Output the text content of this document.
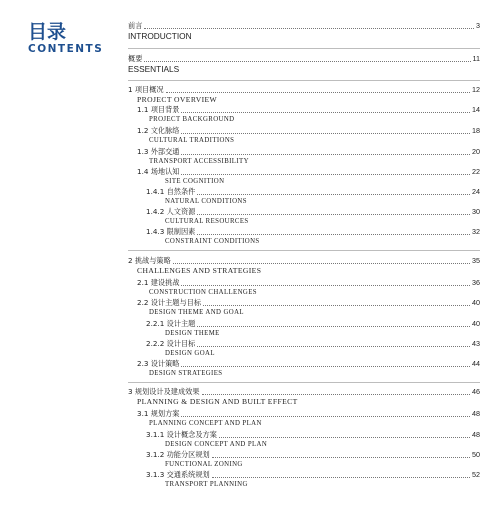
目录
CONTENTS
前言	3
INTRODUCTION
概要	11
ESSENTIALS
1 项目概况	12
PROJECT OVERVIEW
1.1 项目背景	14
PROJECT BACKGROUND
1.2 文化脉络	18
CULTURAL TRADITIONS
1.3 外部交通	20
TRANSPORT ACCESSIBILITY
1.4 场地认知	22
SITE COGNITION
1.4.1 自然条件	24
NATURAL CONDITIONS
1.4.2 人文资源	30
CULTURAL RESOURCES
1.4.3 限制因素	32
CONSTRAINT CONDITIONS
2 挑战与策略	35
CHALLENGES AND STRATEGIES
2.1 建设挑战	36
CONSTRUCTION CHALLENGES
2.2 设计主题与目标	40
DESIGN THEME AND GOAL
2.2.1 设计主题	40
DESIGN THEME
2.2.2 设计目标	43
DESIGN GOAL
2.3 设计策略	44
DESIGN STRATEGIES
3 规划设计及建成效果	46
PLANNING & DESIGN AND BUILT EFFECT
3.1 规划方案	48
PLANNING CONCEPT AND PLAN
3.1.1 设计概念及方案	48
DESIGN CONCEPT AND PLAN
3.1.2 功能分区规划	50
FUNCTIONAL ZONING
3.1.3 交通系统规划	52
TRANSPORT PLANNING
